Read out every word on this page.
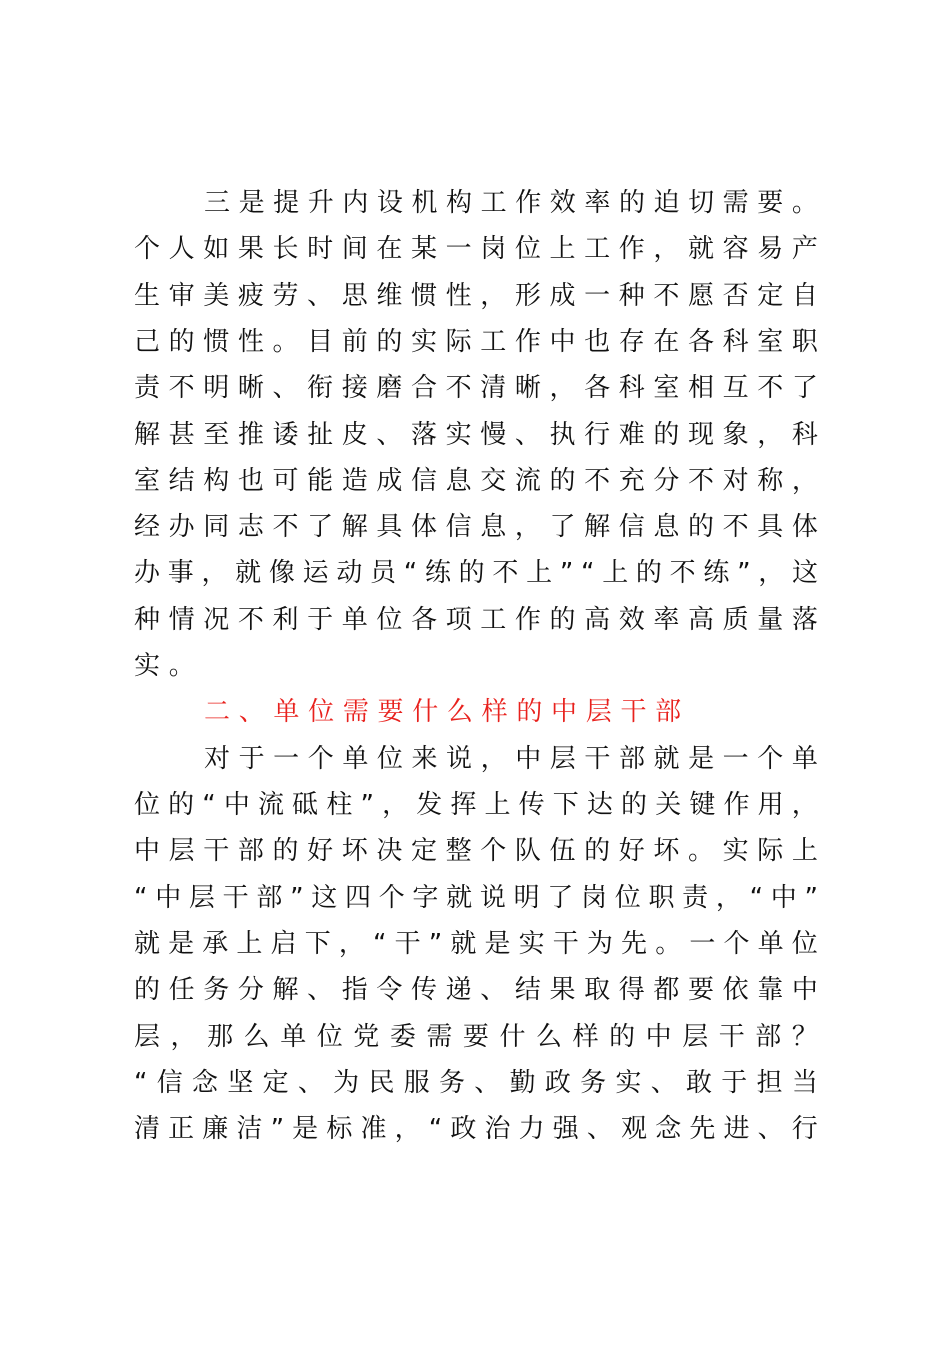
三 是 提 升 内 设 机 构 工 作 效 率 的 迫 切 需 要 。
个 人 如 果 长 时 间 在 某 一 岗 位 上 工 作 ， 就 容 易 产
生 审 美 疲 劳 、 思 维 惯 性 ， 形 成 一 种 不 愿 否 定 自
己 的 惯 性 。 目 前 的 实 际 工 作 中 也 存 在 各 科 室 职
责 不 明 晰 、 衔 接 磨 合 不 清 晰 ， 各 科 室 相 互 不 了
解 甚 至 推 诿 扯 皮 、 落 实 慢 、 执 行 难 的 现 象 ， 科
室 结 构 也 可 能 造 成 信 息 交 流 的 不 充 分 不 对 称 ，
经 办 同 志 不 了 解 具 体 信 息 ， 了 解 信 息 的 不 具 体
办 事 ， 就 像 运 动 员 “ 练 的 不 上 ” “ 上 的 不 练 ” ， 这
种 情 况 不 利 于 单 位 各 项 工 作 的 高 效 率 高 质 量 落
实 。
二 、 单 位 需 要 什 么 样 的 中 层 干 部
对 于 一 个 单 位 来 说 ， 中 层 干 部 就 是 一 个 单
位 的 “ 中 流 砥 柱 ” ， 发 挥 上 传 下 达 的 关 键 作 用 ，
中 层 干 部 的 好 坏 决 定 整 个 队 伍 的 好 坏 。 实 际 上
“ 中 层 干 部 ” 这 四 个 字 就 说 明 了 岗 位 职 责 ， “ 中 ”
就 是 承 上 启 下 ， “ 干 ” 就 是 实 干 为 先 。 一 个 单 位
的 任 务 分 解 、 指 令 传 递 、 结 果 取 得 都 要 依 靠 中
层 ， 那 么 单 位 党 委 需 要 什 么 样 的 中 层 干 部 ？
“ 信 念 坚 定 、 为 民 服 务 、 勤 政 务 实 、 敢 于 担 当
清 正 廉 洁 ” 是 标 准 ， “ 政 治 力 强 、 观 念 先 进 、 行
